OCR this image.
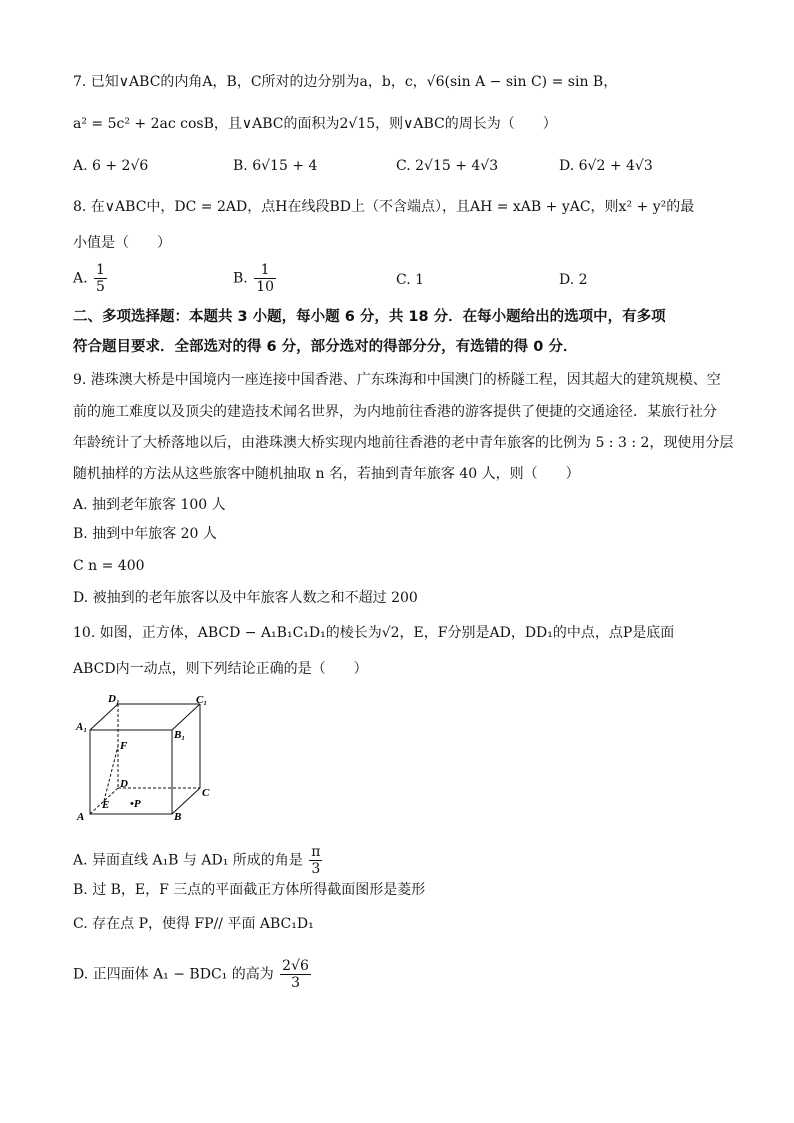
7. 已知∨ABC的内角A，B，C所对的边分别为a，b，c，√6(sin A − sin C) = sin B，
a² = 5c² + 2ac cosB，且∨ABC的面积为2√15，则∨ABC的周长为（　　）
A. 6 + 2√6	B. 6√15 + 4	C. 2√15 + 4√3	D. 6√2 + 4√3
8. 在∨ABC中，DC = 2AD，点H在线段BD上（不含端点），且AH = xAB + yAC，则x² + y²的最
小值是（　　）
A. $\frac{1}{5}$	B. $\frac{1}{10}$	C. 1	D. 2
二、多项选择题：本题共 3 小题，每小题 6 分，共 18 分．在每小题给出的选项中，有多项
符合题目要求．全部选对的得 6 分，部分选对的得部分分，有选错的得 0 分．
9. 港珠澳大桥是中国境内一座连接中国香港、广东珠海和中国澳门的桥隧工程，因其超大的建筑规模、空
前的施工难度以及顶尖的建造技术闻名世界，为内地前往香港的游客提供了便捷的交通途径．某旅行社分
年龄统计了大桥落地以后，由港珠澳大桥实现内地前往香港的老中青年旅客的比例为 5 : 3 : 2，现使用分层
随机抽样的方法从这些旅客中随机抽取 n 名，若抽到青年旅客 40 人，则（　　）
A. 抽到老年旅客 100 人
B. 抽到中年旅客 20 人
C n = 400
D. 被抽到的老年旅客以及中年旅客人数之和不超过 200
10. 如图，正方体，ABCD − A₁B₁C₁D₁的棱长为√2，E，F分别是AD，DD₁的中点，点P是底面
ABCD内一动点，则下列结论正确的是（　　）
D₁	C₁
A₁
B₁
F
D
C
A
E •P
B
A. 异面直线 A₁B 与 AD₁ 所成的角是 $\frac{\pi}{3}$
B. 过 B，E，F 三点的平面截正方体所得截面图形是菱形
C. 存在点 P，使得 FP// 平面 ABC₁D₁
D. 正四面体 A₁ − BDC₁ 的高为 $\frac{2√6}{3}$
